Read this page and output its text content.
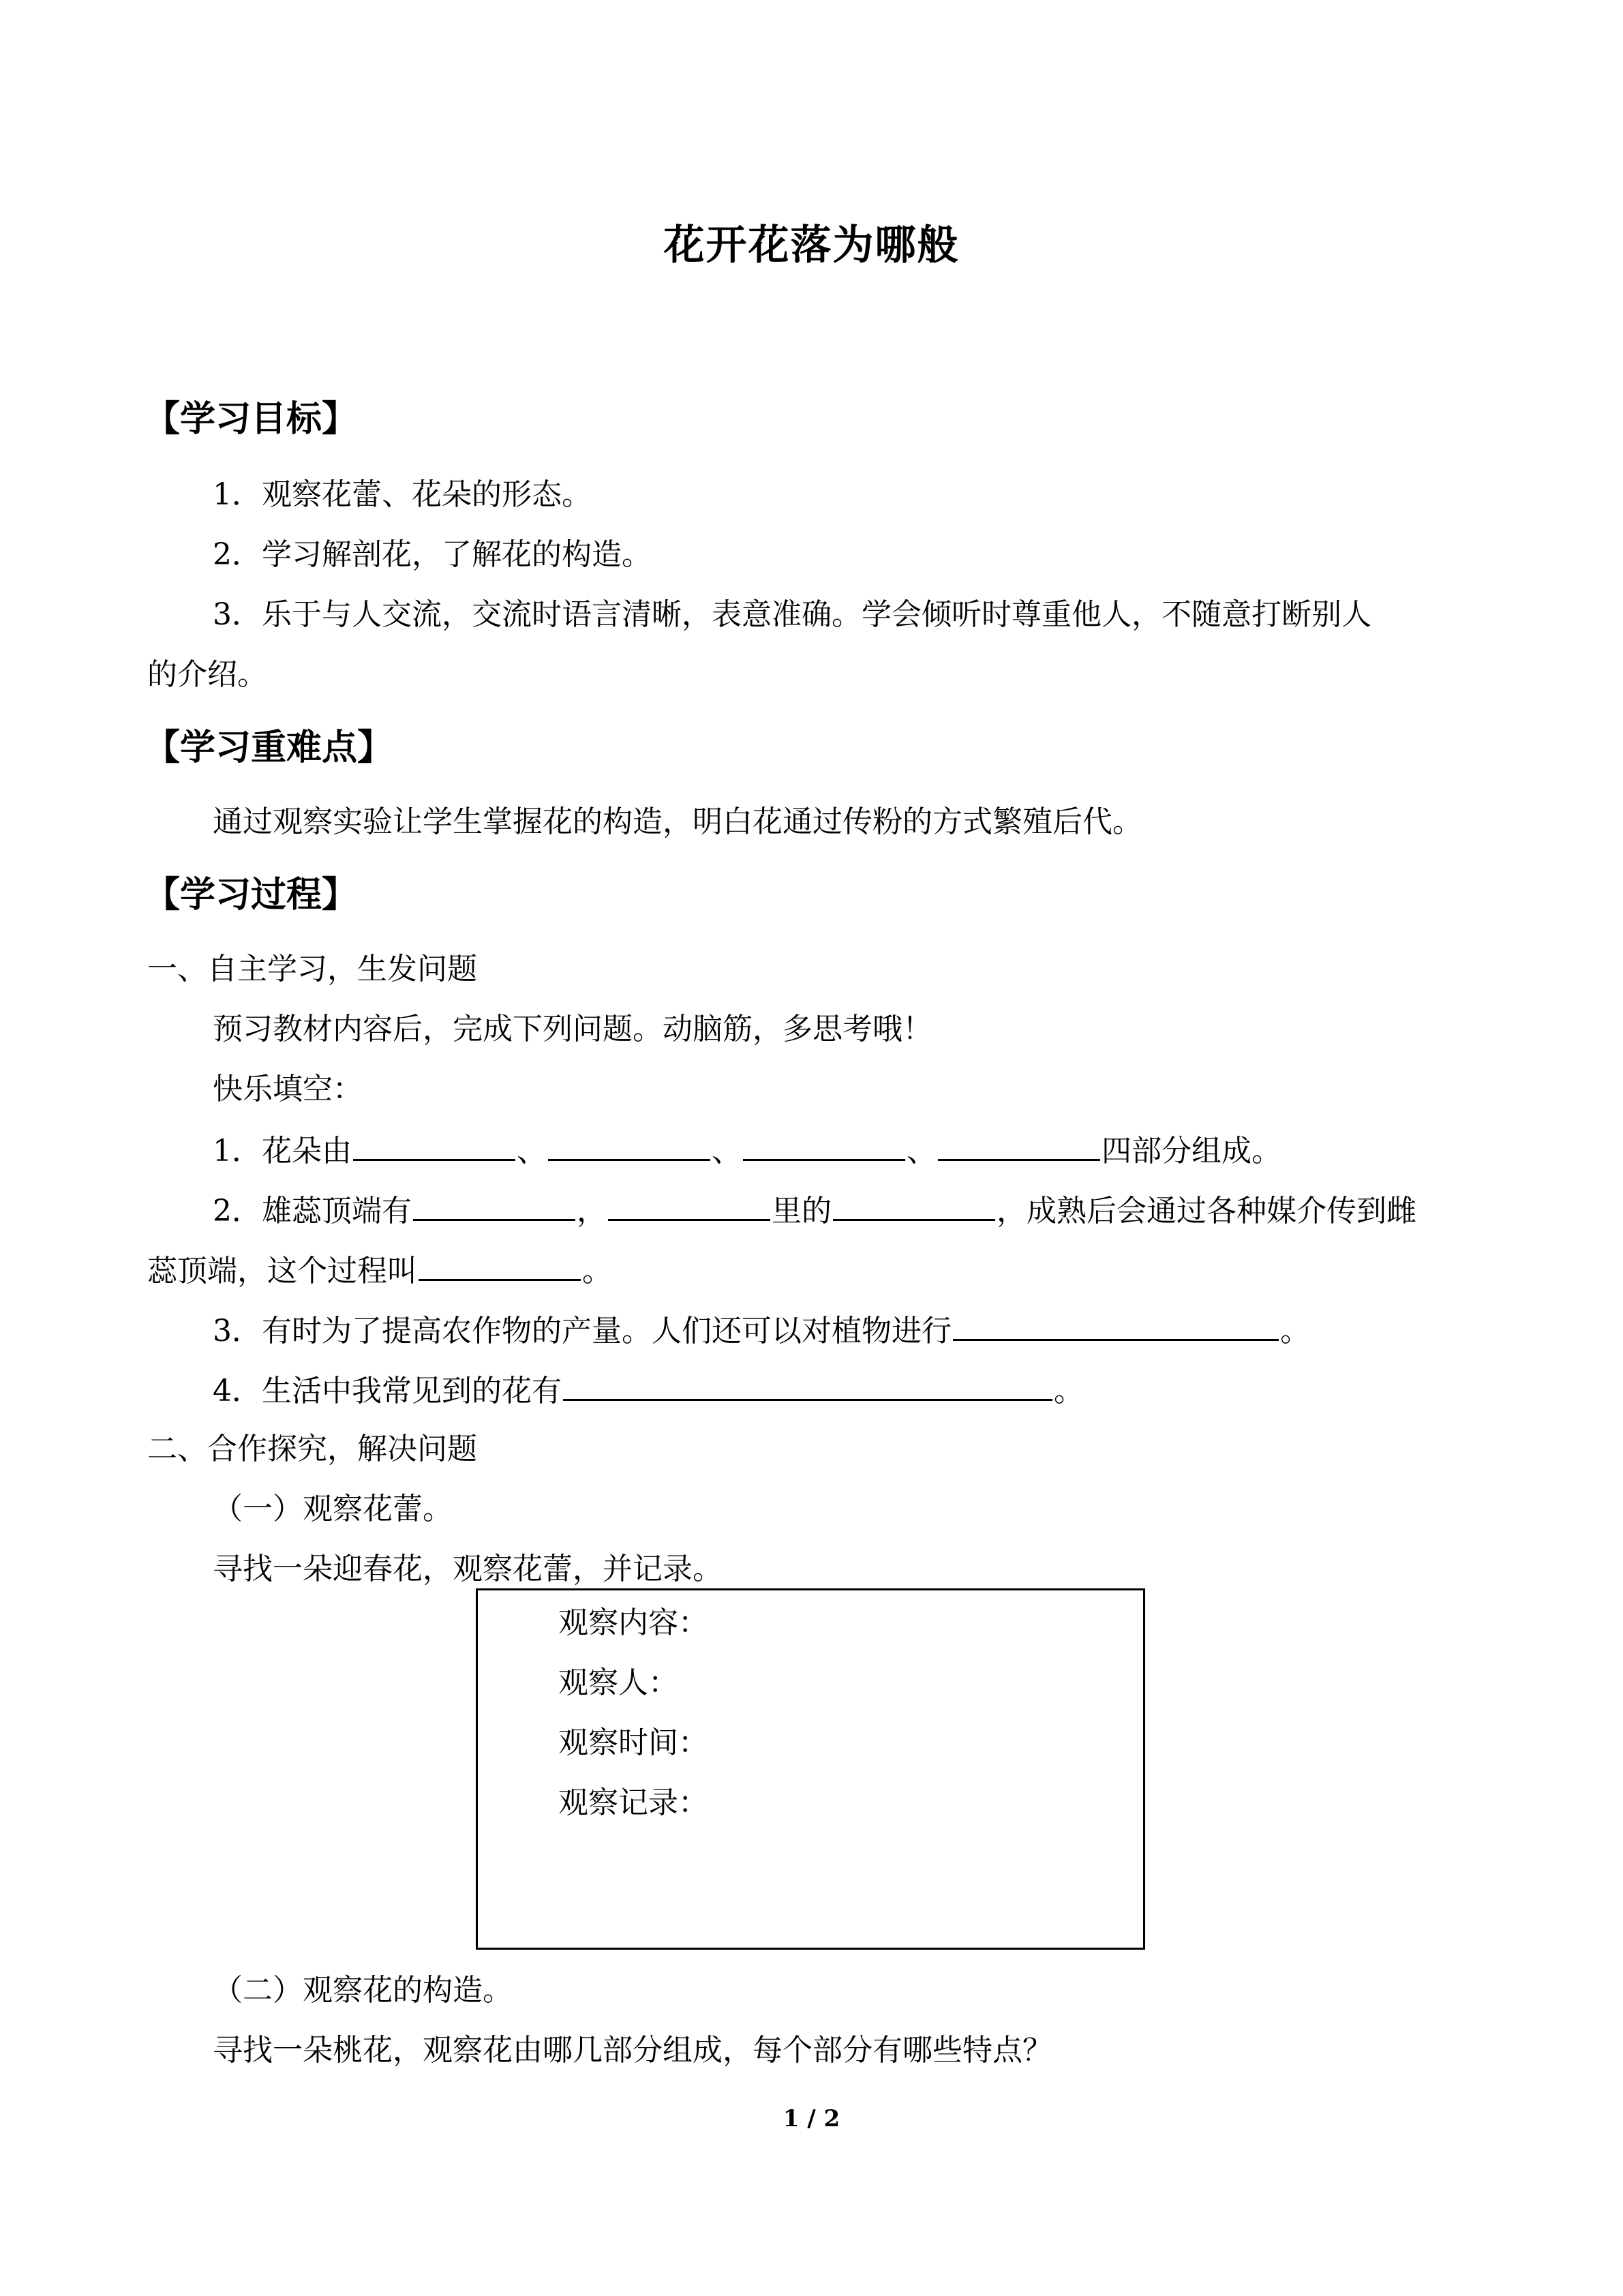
花开花落为哪般
【学习目标】
1．观察花蕾、花朵的形态。
2．学习解剖花，了解花的构造。
3．乐于与人交流，交流时语言清晰，表意准确。学会倾听时尊重他人，不随意打断别人
的介绍。
【学习重难点】
通过观察实验让学生掌握花的构造，明白花通过传粉的方式繁殖后代。
【学习过程】
一、自主学习，生发问题
预习教材内容后，完成下列问题。动脑筋，多思考哦！
快乐填空：
1．花朵由	、	、	、	四部分组成。
2．雄蕊顶端有	，	里的	，成熟后会通过各种媒介传到雌
蕊顶端，这个过程叫	。
3．有时为了提高农作物的产量。人们还可以对植物进行	。
4．生活中我常见到的花有	。
二、合作探究，解决问题
（一）观察花蕾。
寻找一朵迎春花，观察花蕾，并记录。
观察内容：
观察人：
观察时间：
观察记录：
（二）观察花的构造。
寻找一朵桃花，观察花由哪几部分组成，每个部分有哪些特点？
1 / 2
